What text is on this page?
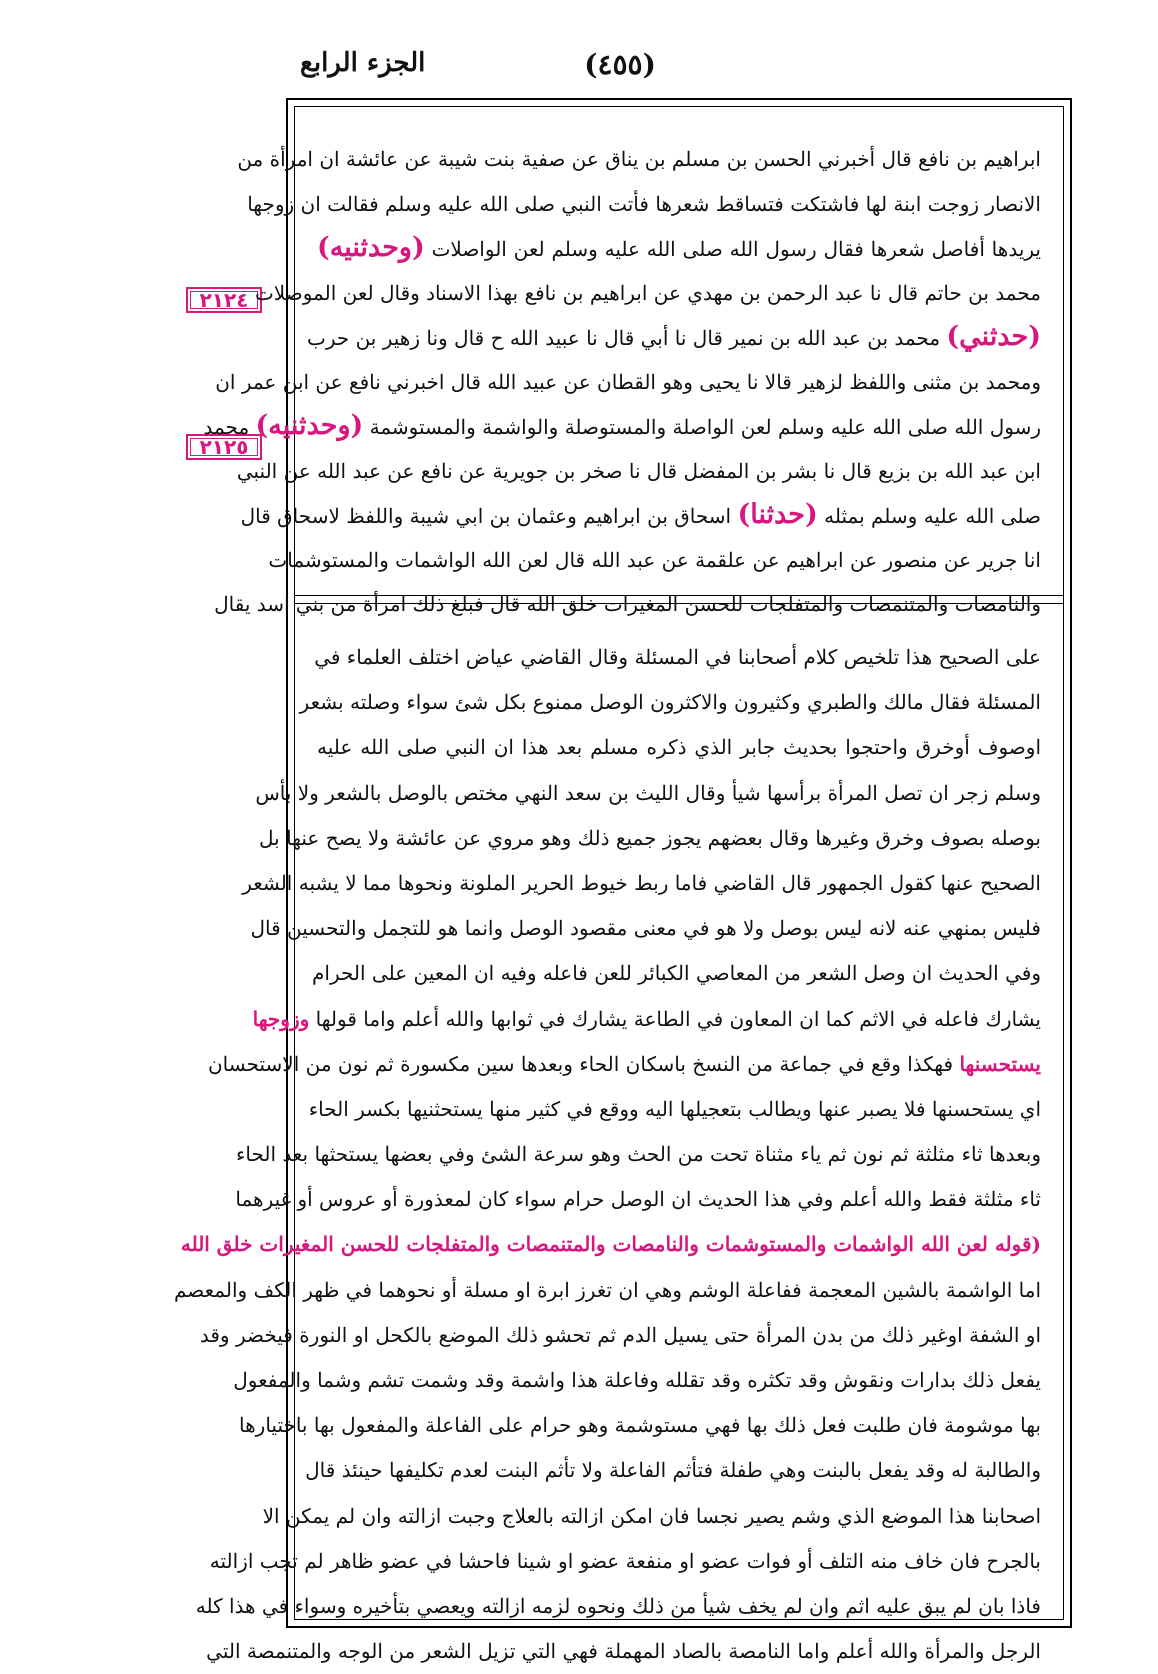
الجزء الرابع	(٤٥٥)
٢١٢٤
٢١٢٥
ابراهيم بن نافع قال أخبرني الحسن بن مسلم بن يناق عن صفية بنت شيبة عن عائشة ان امرأة من
الانصار زوجت ابنة لها فاشتكت فتساقط شعرها فأتت النبي صلى الله عليه وسلم فقالت ان زوجها
يريدها أفاصل شعرها فقال رسول الله صلى الله عليه وسلم لعن الواصلات (وحدثنيه)
محمد بن حاتم قال نا عبد الرحمن بن مهدي عن ابراهيم بن نافع بهذا الاسناد وقال لعن الموصلات
(حدثني) محمد بن عبد الله بن نمير قال نا أبي قال نا عبيد الله ح قال ونا زهير بن حرب
ومحمد بن مثنى واللفظ لزهير قالا نا يحيى وهو القطان عن عبيد الله قال اخبرني نافع عن ابن عمر ان
رسول الله صلى الله عليه وسلم لعن الواصلة والمستوصلة والواشمة والمستوشمة (وحدثنيه) محمد
ابن عبد الله بن بزيع قال نا بشر بن المفضل قال نا صخر بن جويرية عن نافع عن عبد الله عن النبي
صلى الله عليه وسلم بمثله (حدثنا) اسحاق بن ابراهيم وعثمان بن ابي شيبة واللفظ لاسحاق قال
انا جرير عن منصور عن ابراهيم عن علقمة عن عبد الله قال لعن الله الواشمات والمستوشمات
والنامصات والمتنمصات والمتفلجات للحسن المغيرات خلق الله قال فبلغ ذلك امرأة من بني اسد يقال
على الصحيح هذا تلخيص كلام أصحابنا في المسئلة وقال القاضي عياض اختلف العلماء في
المسئلة فقال مالك والطبري وكثيرون والاكثرون الوصل ممنوع بكل شئ سواء وصلته بشعر
اوصوف أوخرق واحتجوا بحديث جابر الذي ذكره مسلم بعد هذا ان النبي صلى الله عليه
وسلم زجر ان تصل المرأة برأسها شيأ وقال الليث بن سعد النهي مختص بالوصل بالشعر ولا بأس
بوصله بصوف وخرق وغيرها وقال بعضهم يجوز جميع ذلك وهو مروي عن عائشة ولا يصح عنها بل
الصحيح عنها كقول الجمهور قال القاضي فاما ربط خيوط الحرير الملونة ونحوها مما لا يشبه الشعر
فليس بمنهي عنه لانه ليس بوصل ولا هو في معنى مقصود الوصل وانما هو للتجمل والتحسين قال
وفي الحديث ان وصل الشعر من المعاصي الكبائر للعن فاعله وفيه ان المعين على الحرام
يشارك فاعله في الاثم كما ان المعاون في الطاعة يشارك في ثوابها والله أعلم واما قولها وزوجها
يستحسنها فهكذا وقع في جماعة من النسخ باسكان الحاء وبعدها سين مكسورة ثم نون من الاستحسان
اي يستحسنها فلا يصبر عنها ويطالب بتعجيلها اليه ووقع في كثير منها يستحثنيها بكسر الحاء
وبعدها ثاء مثلثة ثم نون ثم ياء مثناة تحت من الحث وهو سرعة الشئ وفي بعضها يستحثها بعد الحاء
ثاء مثلثة فقط والله أعلم وفي هذا الحديث ان الوصل حرام سواء كان لمعذورة أو عروس أو غيرهما
(قوله لعن الله الواشمات والمستوشمات والنامصات والمتنمصات والمتفلجات للحسن المغيرات خلق الله
اما الواشمة بالشين المعجمة ففاعلة الوشم وهي ان تغرز ابرة او مسلة أو نحوهما في ظهر الكف والمعصم
او الشفة اوغير ذلك من بدن المرأة حتى يسيل الدم ثم تحشو ذلك الموضع بالكحل او النورة فيخضر وقد
يفعل ذلك بدارات ونقوش وقد تكثره وقد تقلله وفاعلة هذا واشمة وقد وشمت تشم وشما والمفعول
بها موشومة فان طلبت فعل ذلك بها فهي مستوشمة وهو حرام على الفاعلة والمفعول بها باختيارها
والطالبة له وقد يفعل بالبنت وهي طفلة فتأثم الفاعلة ولا تأثم البنت لعدم تكليفها حينئذ قال
اصحابنا هذا الموضع الذي وشم يصير نجسا فان امكن ازالته بالعلاج وجبت ازالته وان لم يمكن الا
بالجرح فان خاف منه التلف أو فوات عضو او منفعة عضو او شينا فاحشا في عضو ظاهر لم تجب ازالته
فاذا بان لم يبق عليه اثم وان لم يخف شيأ من ذلك ونحوه لزمه ازالته ويعصي بتأخيره وسواء في هذا كله
الرجل والمرأة والله أعلم واما النامصة بالصاد المهملة فهي التي تزيل الشعر من الوجه والمتنمصة التي
